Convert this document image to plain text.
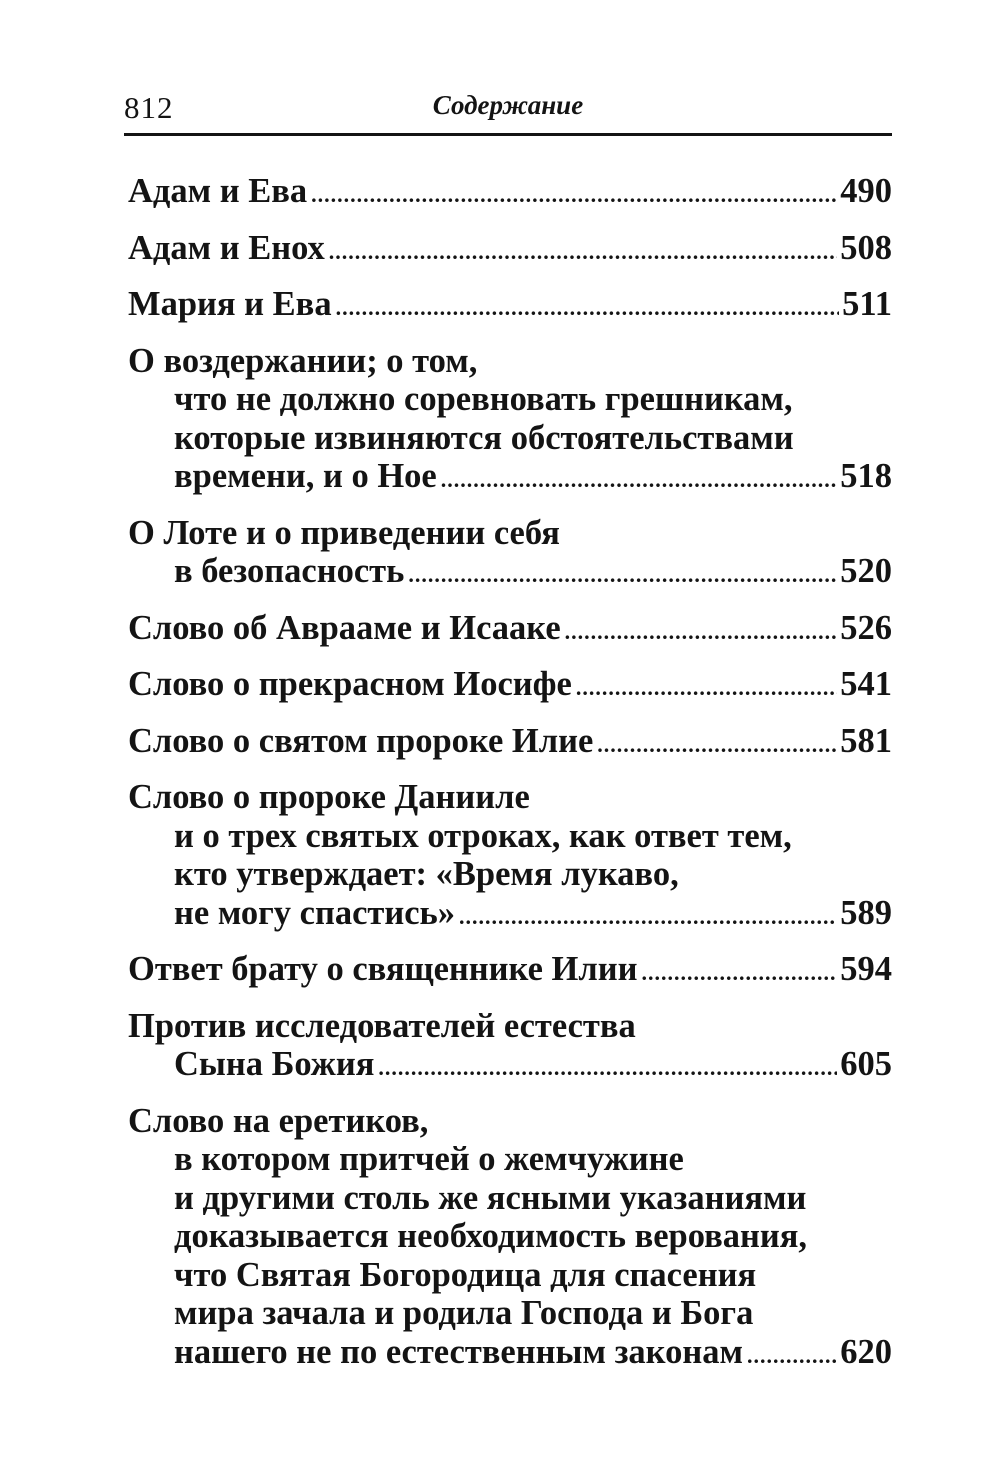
812	Содержание
Адам и Ева .....	490
Адам и Енох .....	508
Мария и Ева .....	511
О воздержании; о том,
что не должно соревновать грешникам,
которые извиняются обстоятельствами
времени, и о Ное .....	518
О Лоте и о приведении себя
в безопасность .....	520
Слово об Аврааме и Исааке .....	526
Слово о прекрасном Иосифе .....	541
Слово о святом пророке Илие .....	581
Слово о пророке Данииле
и о трех святых отроках, как ответ тем,
кто утверждает: «Время лукаво,
не могу спастись» .....	589
Ответ брату о священнике Илии .....	594
Против исследователей естества
Сына Божия .....	605
Слово на еретиков,
в котором притчей о жемчужине
и другими столь же ясными указаниями
доказывается необходимость верования,
что Святая Богородица для спасения
мира зачала и родила Господа и Бога
нашего не по естественным законам .....	620
